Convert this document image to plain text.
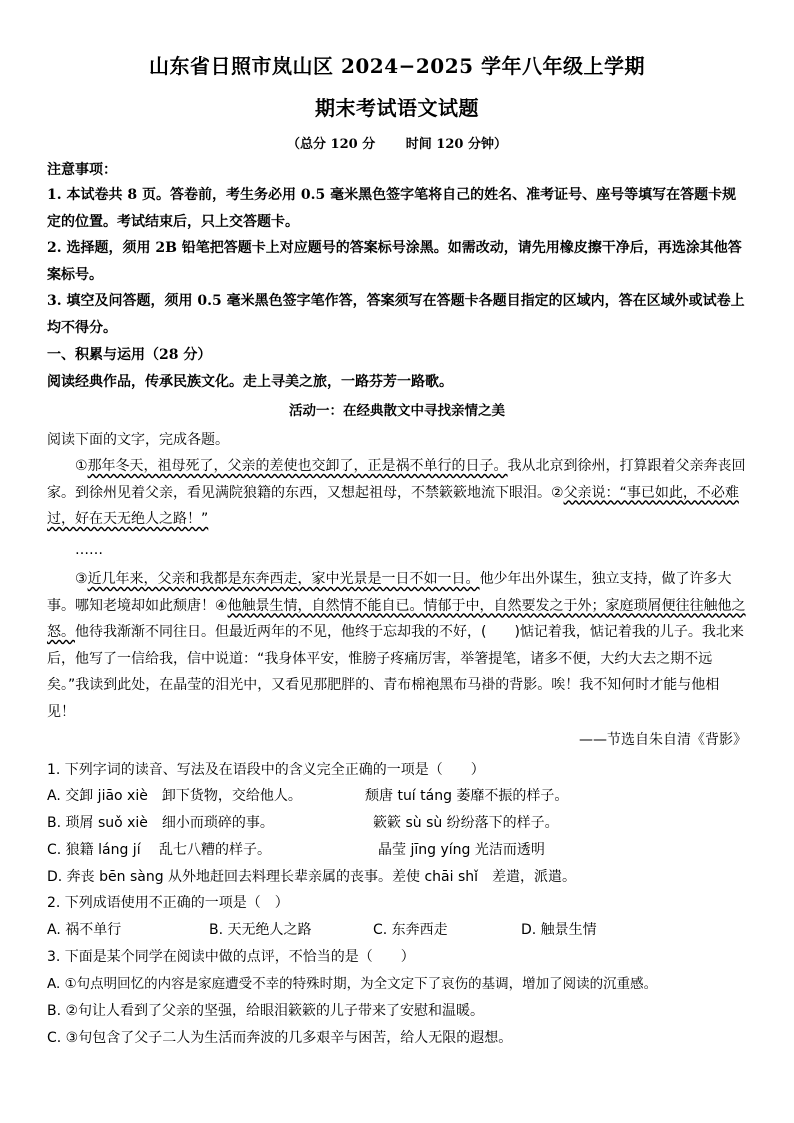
山东省日照市岚山区 2024−2025 学年八年级上学期
期末考试语文试题
（总分 120 分 时间 120 分钟）
注意事项：
1. 本试卷共 8 页。答卷前，考生务必用 0.5 毫米黑色签字笔将自己的姓名、准考证号、座号等填写在答题卡规定的位置。考试结束后，只上交答题卡。
2. 选择题，须用 2B 铅笔把答题卡上对应题号的答案标号涂黑。如需改动，请先用橡皮擦干净后，再选涂其他答案标号。
3. 填空及问答题，须用 0.5 毫米黑色签字笔作答，答案须写在答题卡各题目指定的区域内，答在区域外或试卷上均不得分。
一、积累与运用（28 分）
阅读经典作品，传承民族文化。走上寻美之旅，一路芬芳一路歌。
活动一：在经典散文中寻找亲情之美
阅读下面的文字，完成各题。
①那年冬天，祖母死了，父亲的差使也交卸了，正是祸不单行的日子。我从北京到徐州，打算跟着父亲奔丧回家。到徐州见着父亲，看见满院狼籍的东西，又想起祖母，不禁簌簌地流下眼泪。②父亲说：“事已如此，不必难过，好在天无绝人之路！”
……
③近几年来，父亲和我都是东奔西走，家中光景是一日不如一日。他少年出外谋生，独立支持，做了许多大事。哪知老境却如此颓唐！④他触景生情，自然情不能自已。情郁于中，自然要发之于外；家庭琐屑便往往触他之怒。他待我渐渐不同往日。但最近两年的不见，他终于忘却我的不好，(　　)惦记着我，惦记着我的儿子。我北来后，他写了一信给我，信中说道：“我身体平安，惟膀子疼痛厉害，举箸提笔，诸多不便，大约大去之期不远矣。”我读到此处，在晶莹的泪光中，又看见那肥胖的、青布棉袍黑布马褂的背影。唉！我不知何时才能与他相见！
——节选自朱自清《背影》
1. 下列字词的读音、写法及在语段中的含义完全正确的一项是（　　）
A. 交卸 jiāo xiè　卸下货物，交给他人。	颓唐 tuí táng 萎靡不振的样子。
B. 琐屑 suǒ xiè　细小而琐碎的事。	簌簌 sù sù 纷纷落下的样子。
C. 狼籍 láng jí　 乱七八糟的样子。	晶莹 jīng yíng 光洁而透明
D. 奔丧 bēn sàng 从外地赶回去料理长辈亲属的丧事。差使 chāi shǐ　差遣，派遣。
2. 下列成语使用不正确的一项是（　）
A. 祸不单行	B. 天无绝人之路	C. 东奔西走	D. 触景生情
3. 下面是某个同学在阅读中做的点评，不恰当的是（　　）
A. ①句点明回忆的内容是家庭遭受不幸的特殊时期，为全文定下了哀伤的基调，增加了阅读的沉重感。
B. ②句让人看到了父亲的坚强，给眼泪簌簌的儿子带来了安慰和温暖。
C. ③句包含了父子二人为生活而奔波的几多艰辛与困苦，给人无限的遐想。
